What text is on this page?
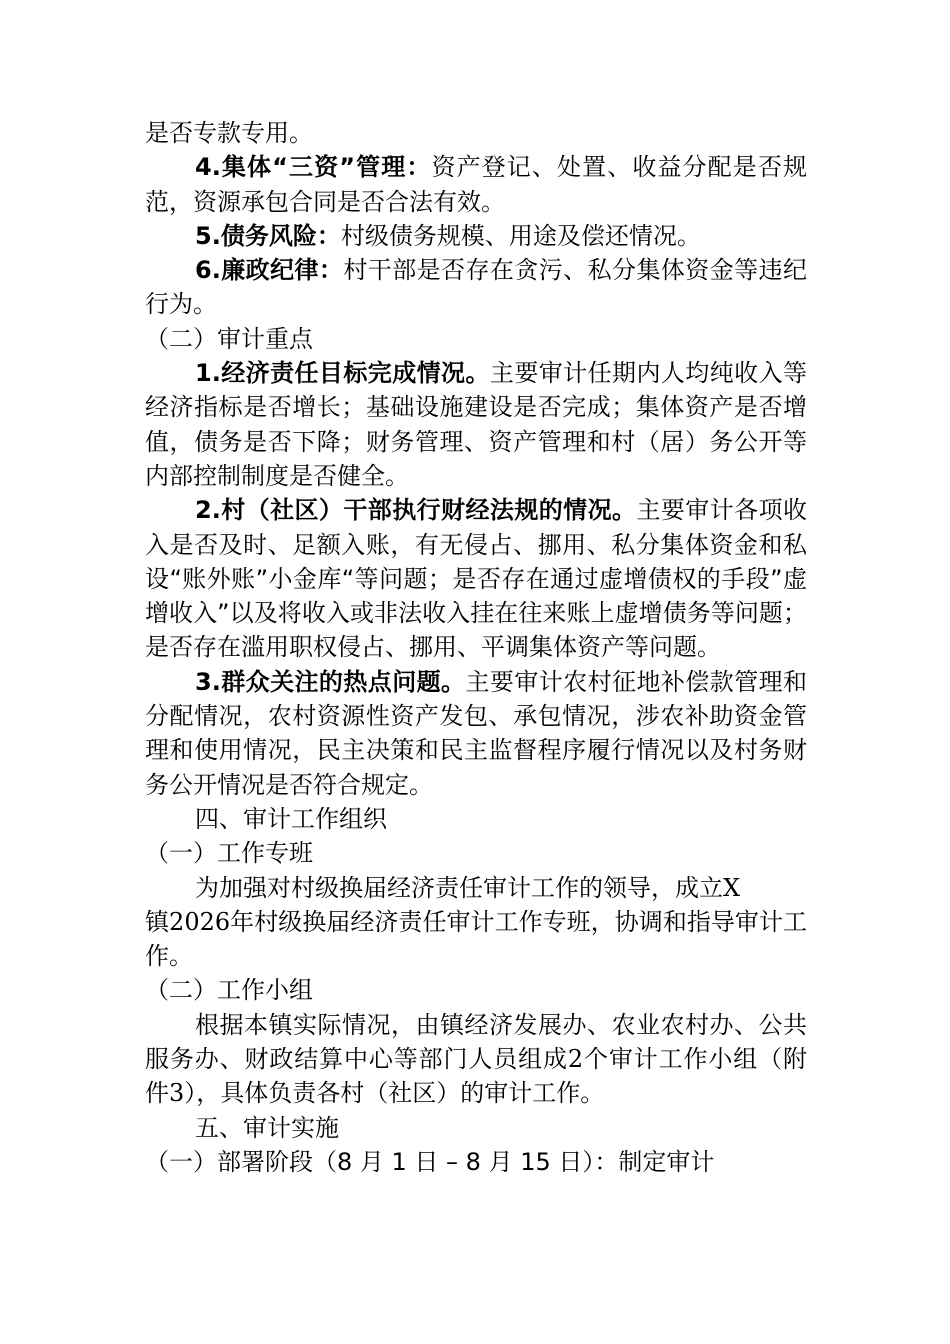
是否专款专用。

4.集体“三资”管理：资产登记、处置、收益分配是否规范，资源承包合同是否合法有效。

5.债务风险：村级债务规模、用途及偿还情况。

6.廉政纪律：村干部是否存在贪污、私分集体资金等违纪行为。

（二）审计重点

1.经济责任目标完成情况。主要审计任期内人均纯收入等经济指标是否增长；基础设施建设是否完成；集体资产是否增值，债务是否下降；财务管理、资产管理和村（居）务公开等内部控制制度是否健全。

2.村（社区）干部执行财经法规的情况。主要审计各项收入是否及时、足额入账，有无侵占、挪用、私分集体资金和私设“账外账”小金库“等问题；是否存在通过虚增债权的手段”虚增收入”以及将收入或非法收入挂在往来账上虚增债务等问题；是否存在滥用职权侵占、挪用、平调集体资产等问题。

3.群众关注的热点问题。主要审计农村征地补偿款管理和分配情况，农村资源性资产发包、承包情况，涉农补助资金管理和使用情况，民主决策和民主监督程序履行情况以及村务财务公开情况是否符合规定。

四、审计工作组织

（一）工作专班

为加强对村级换届经济责任审计工作的领导，成立X
镇2026年村级换届经济责任审计工作专班，协调和指导审计工作。

（二）工作小组

根据本镇实际情况，由镇经济发展办、农业农村办、公共服务办、财政结算中心等部门人员组成2个审计工作小组（附件3），具体负责各村（社区）的审计工作。

五、审计实施

（一）部署阶段（8 月 1 日 – 8 月 15 日）：制定审计
